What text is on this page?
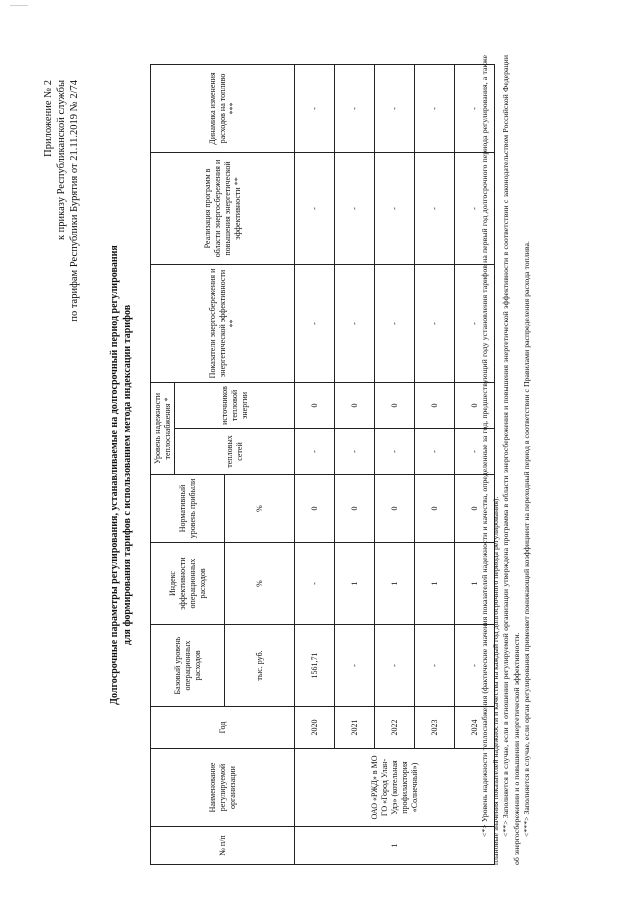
Приложение № 2 к приказу Республиканской службы по тарифам Республики Бурятия от 21.11.2019 № 2/74
Долгосрочные параметры регулирования, устанавливаемые на долгосрочный период регулирования для формирования тарифов с использованием метода индексации тарифов
№ п/п	Наименование регулируемой организации	Год	Базовый уровень операционных расходов	Индекс эффективности операционных расходов	Нормативный уровень прибыли	Уровень надежности теплоснабжения *		Показатели энергосбережения и энергетической эффективности **	Реализация программ в области энергосбережения и повышения энергетической эффективности **	Динамика изменения расходов на топливо ***
						тепловых сетей	источников тепловой энергии			
			тыс. руб.	%	%					
1	ОАО «РЖД» в МО ГО «Город Улан-Удэ» (котельная профилактория «Солнечный»)	2020	1561,71	-	0	-	0	-	-	-
		2021	-	1	0	-	0	-	-	-
		2022	-	1	0	-	0	-	-	-
		2023	-	1	0	-	0	-	-	-
		2024	-	1	0	-	0	-	-	- <*> Уровень надежности теплоснабжения (фактические значения показателей надежности и качества, определенные за год, предшествующий году установления тарифов на первый год долгосрочного периода регулирования, а также плановые значения показателей надежности и качества на каждый год долгосрочного периода регулирования). <**> Заполняется в случае, если в отношении регулируемой организации утверждена программа в области энергосбережения и повышения энергетической эффективности в соответствии с законодательством Российской Федерации об энергосбережении и о повышении энергетической эффективности. <***> Заполняется в случае, если орган регулирования применяет понижающий коэффициент на переходный период в соответствии с Правилами распределения расхода топлива.
